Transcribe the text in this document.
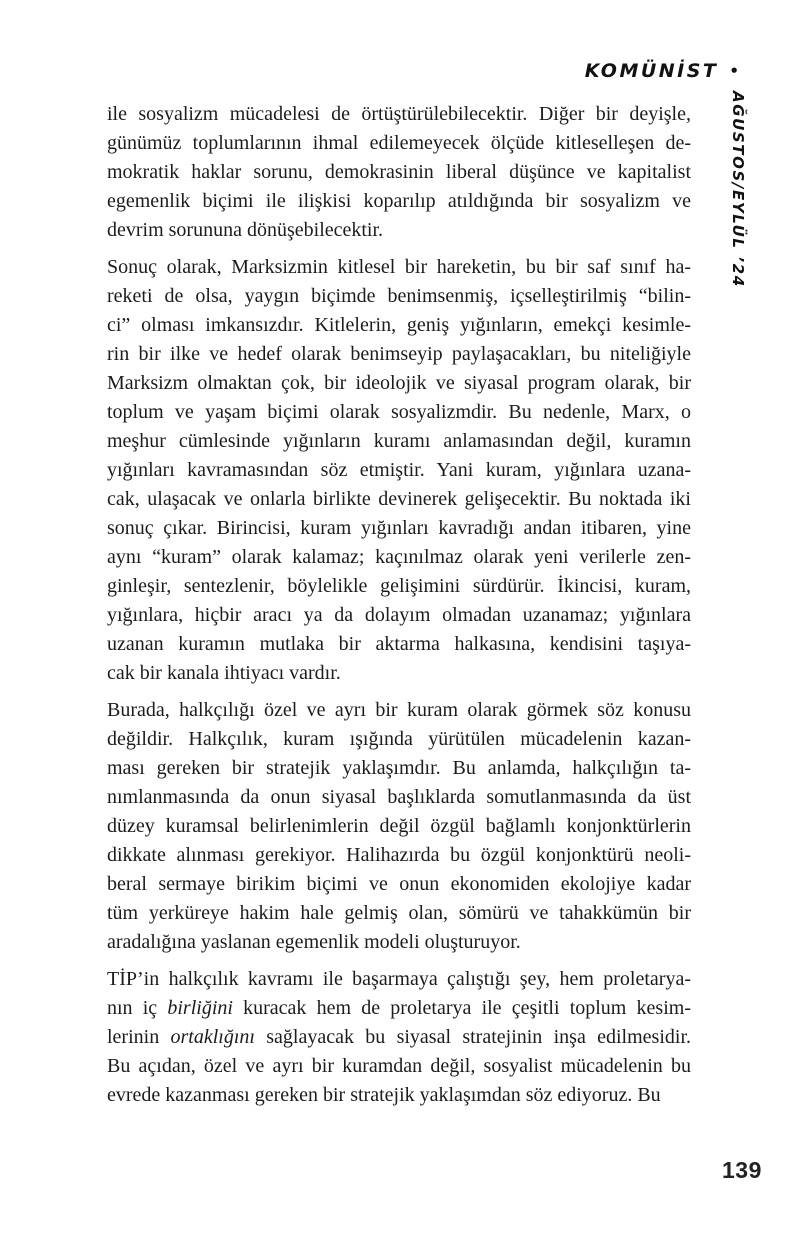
KOMÜNİST •
AĞUSTOS/EYLÜL ’24
ile sosyalizm mücadelesi de örtüştürülebilecektir. Diğer bir deyişle,
günümüz toplumlarının ihmal edilemeyecek ölçüde kitleselleşen de-
mokratik haklar sorunu, demokrasinin liberal düşünce ve kapitalist
egemenlik biçimi ile ilişkisi koparılıp atıldığında bir sosyalizm ve
devrim sorununa dönüşebilecektir.
Sonuç olarak, Marksizmin kitlesel bir hareketin, bu bir saf sınıf ha-
reketi de olsa, yaygın biçimde benimsenmiş, içselleştirilmiş “bilin-
ci” olması imkansızdır. Kitlelerin, geniş yığınların, emekçi kesimle-
rin bir ilke ve hedef olarak benimseyip paylaşacakları, bu niteliğiyle
Marksizm olmaktan çok, bir ideolojik ve siyasal program olarak, bir
toplum ve yaşam biçimi olarak sosyalizmdir. Bu nedenle, Marx, o
meşhur cümlesinde yığınların kuramı anlamasından değil, kuramın
yığınları kavramasından söz etmiştir. Yani kuram, yığınlara uzana-
cak, ulaşacak ve onlarla birlikte devinerek gelişecektir. Bu noktada iki
sonuç çıkar. Birincisi, kuram yığınları kavradığı andan itibaren, yine
aynı “kuram” olarak kalamaz; kaçınılmaz olarak yeni verilerle zen-
ginleşir, sentezlenir, böylelikle gelişimini sürdürür. İkincisi, kuram,
yığınlara, hiçbir aracı ya da dolayım olmadan uzanamaz; yığınlara
uzanan kuramın mutlaka bir aktarma halkasına, kendisini taşıya-
cak bir kanala ihtiyacı vardır.
Burada, halkçılığı özel ve ayrı bir kuram olarak görmek söz konusu
değildir. Halkçılık, kuram ışığında yürütülen mücadelenin kazan-
ması gereken bir stratejik yaklaşımdır. Bu anlamda, halkçılığın ta-
nımlanmasında da onun siyasal başlıklarda somutlanmasında da üst
düzey kuramsal belirlenimlerin değil özgül bağlamlı konjonktürlerin
dikkate alınması gerekiyor. Halihazırda bu özgül konjonktürü neoli-
beral sermaye birikim biçimi ve onun ekonomiden ekolojiye kadar
tüm yerküreye hakim hale gelmiş olan, sömürü ve tahakkümün bir
aradalığına yaslanan egemenlik modeli oluşturuyor.
TİP’in halkçılık kavramı ile başarmaya çalıştığı şey, hem proletarya-
nın iç birliğini kuracak hem de proletarya ile çeşitli toplum kesim-
lerinin ortaklığını sağlayacak bu siyasal stratejinin inşa edilmesidir.
Bu açıdan, özel ve ayrı bir kuramdan değil, sosyalist mücadelenin bu
evrede kazanması gereken bir stratejik yaklaşımdan söz ediyoruz. Bu
139
